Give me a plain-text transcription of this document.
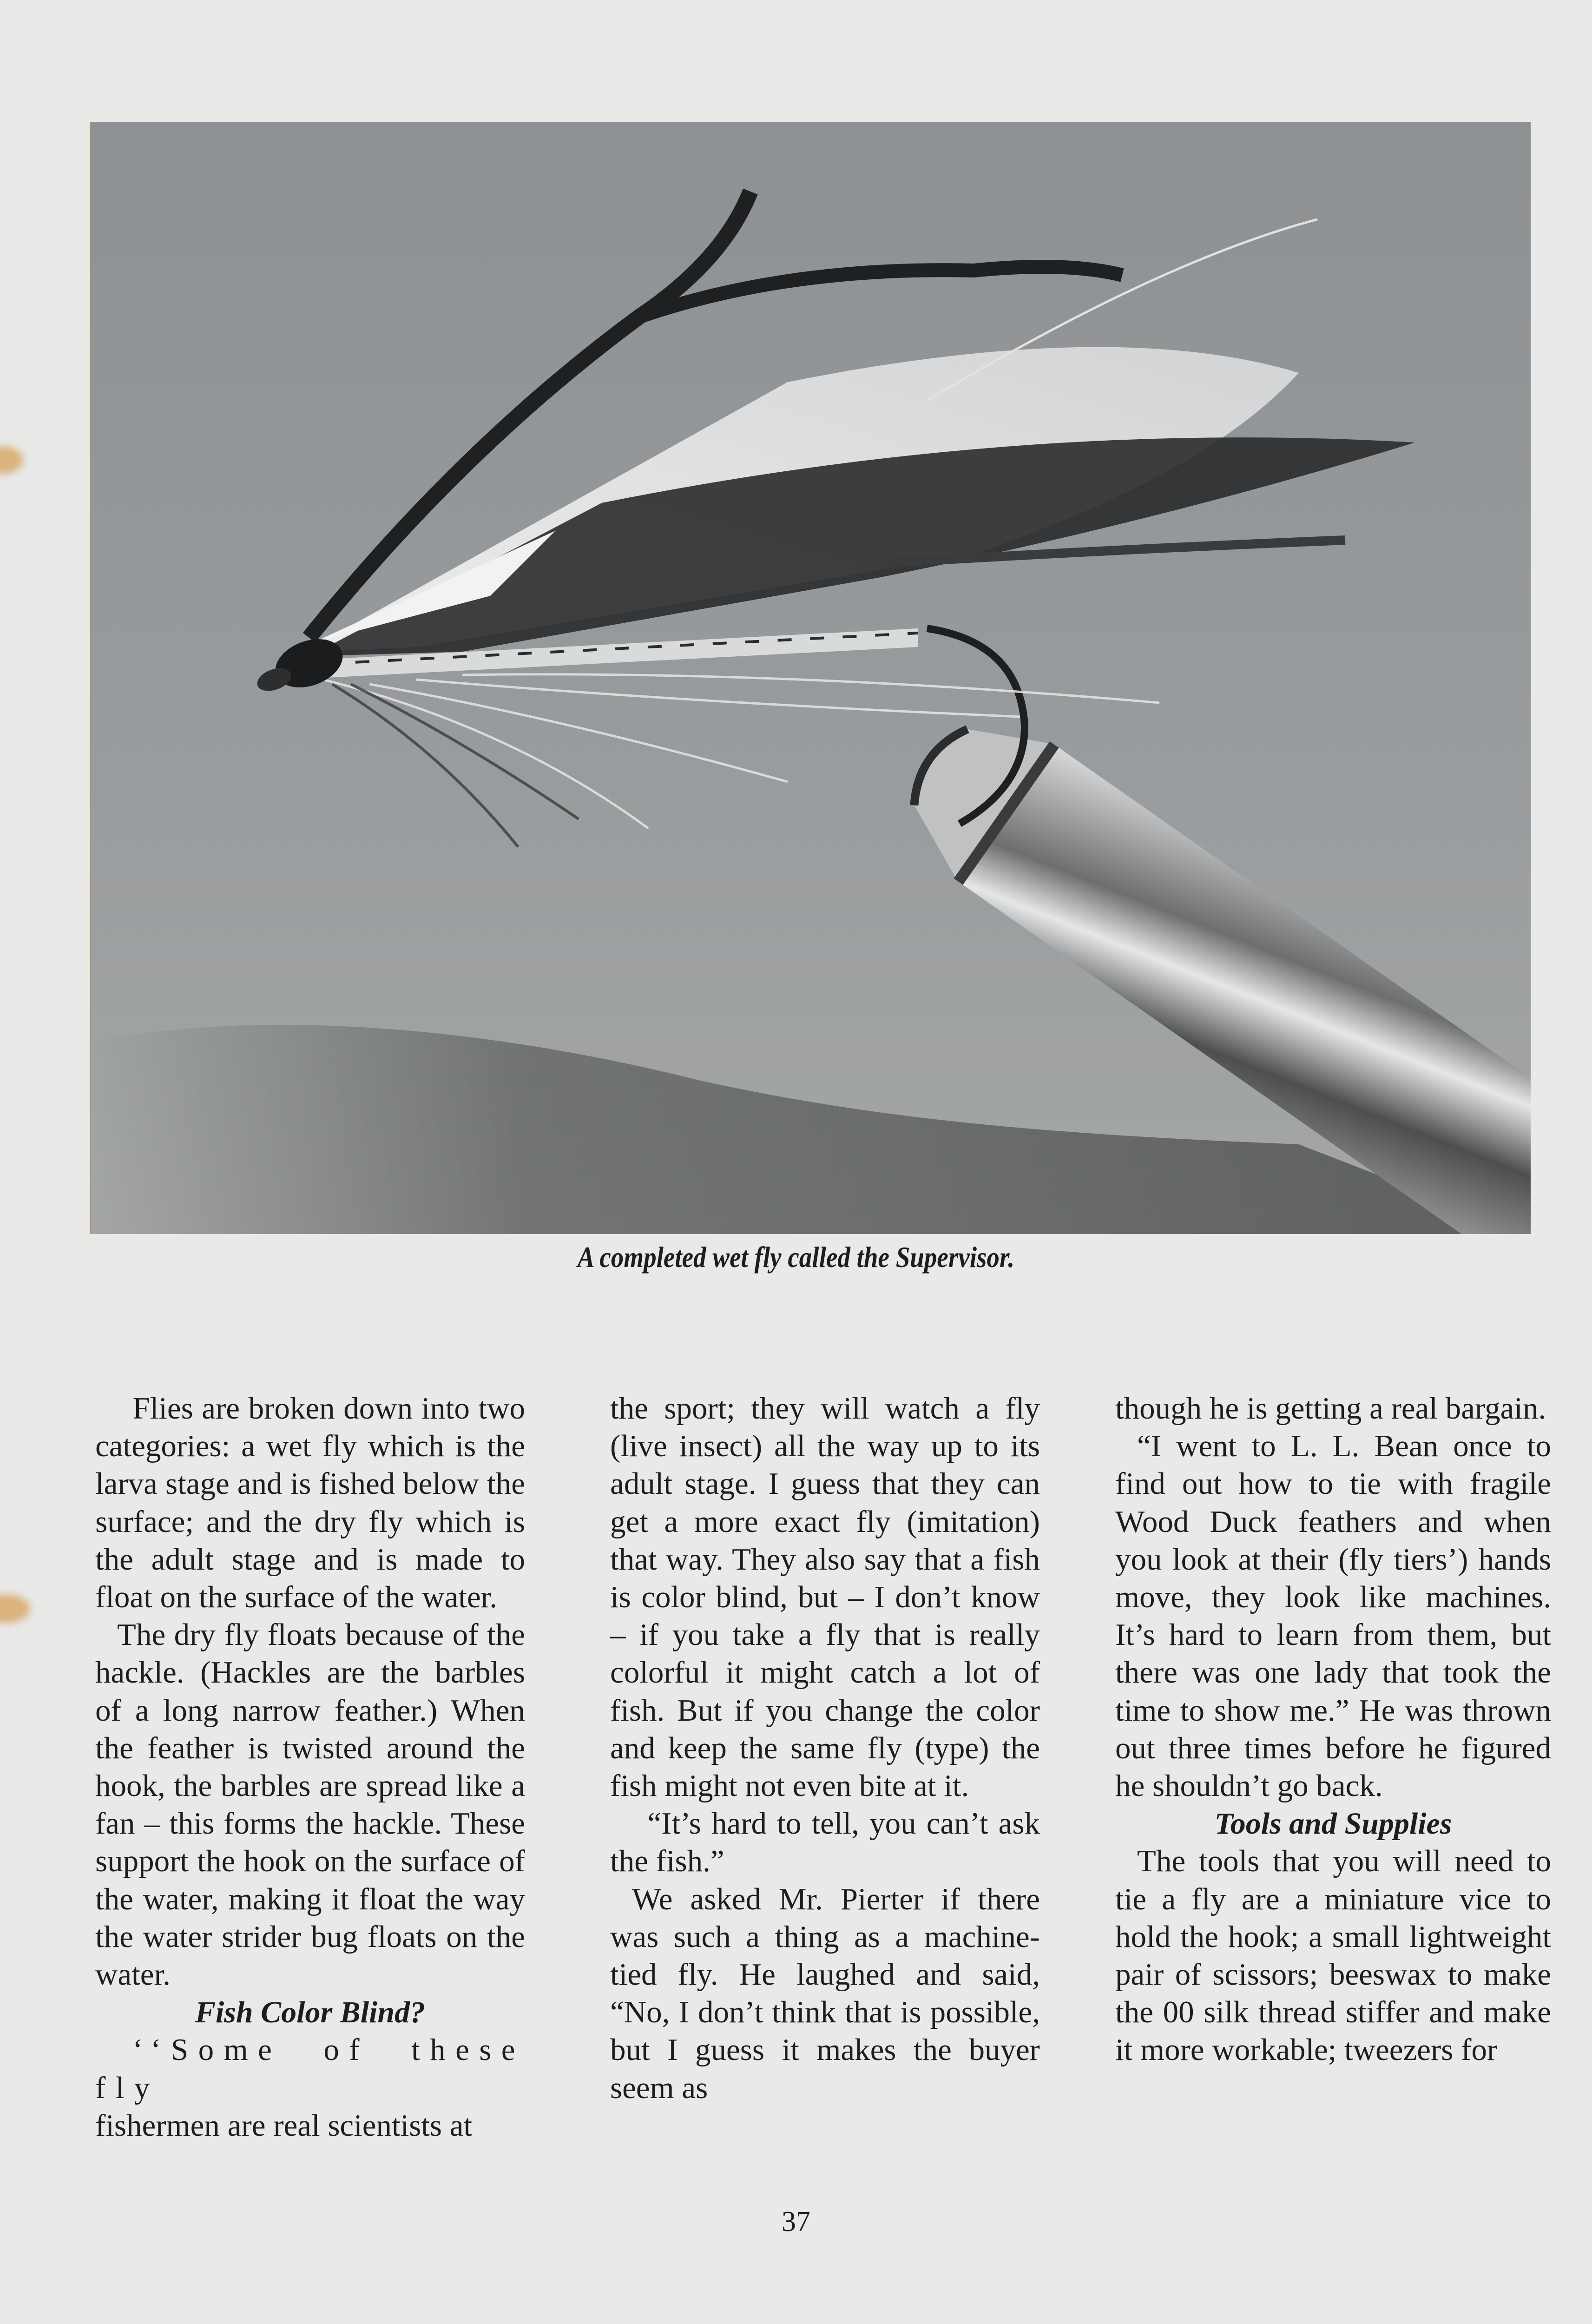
A completed wet fly called the Supervisor.

Flies are broken down into two categories: a wet fly which is the larva stage and is fished below the surface; and the dry fly which is the adult stage and is made to float on the surface of the water.

The dry fly floats because of the hackle. (Hackles are the barbles of a long narrow feather.) When the feather is twisted around the hook, the barbles are spread like a fan – this forms the hackle. These support the hook on the surface of the water, making it float the way the water strider bug floats on the water.

Fish Color Blind?

‘‘Some of these fly

fishermen are real scientists at

the sport; they will watch a fly (live insect) all the way up to its adult stage. I guess that they can get a more exact fly (imitation) that way. They also say that a fish is color blind, but – I don’t know – if you take a fly that is really colorful it might catch a lot of fish. But if you change the color and keep the same fly (type) the fish might not even bite at it.

“It’s hard to tell, you can’t ask the fish.”

We asked Mr. Pierter if there was such a thing as a machine-tied fly. He laughed and said, “No, I don’t think that is possible, but I guess it makes the buyer seem as

though he is getting a real bargain.

“I went to L. L. Bean once to find out how to tie with fragile Wood Duck feathers and when you look at their (fly tiers’) hands move, they look like machines. It’s hard to learn from them, but there was one lady that took the time to show me.” He was thrown out three times before he figured he shouldn’t go back.

Tools and Supplies

The tools that you will need to tie a fly are a miniature vice to hold the hook; a small lightweight pair of scissors; beeswax to make the 00 silk thread stiffer and make it more workable; tweezers for

37
